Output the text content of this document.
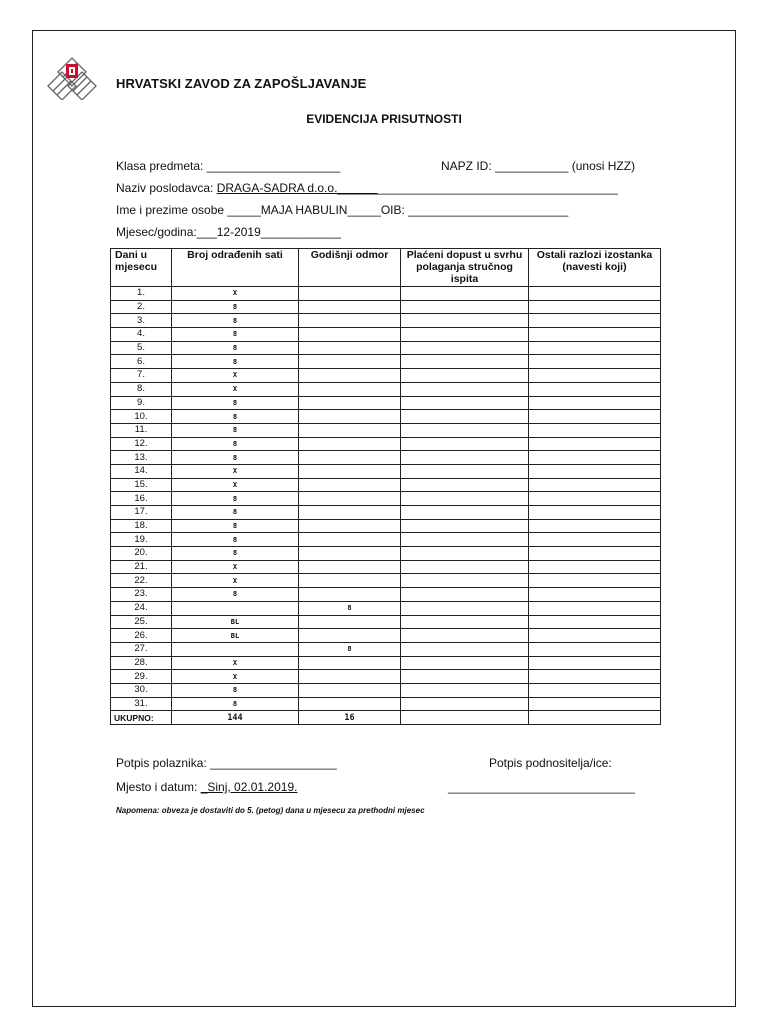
HRVATSKI ZAVOD ZA ZAPOŠLJAVANJE
EVIDENCIJA PRISUTNOSTI
Klasa predmeta: ____________________	NAPZ ID: ___________ (unosi HZZ)
Naziv poslodavca: DRAGA-SADRA d.o.o.__________________________________________
Ime i prezime osobe _____MAJA HABULIN_____OIB: ________________________
Mjesec/godina:___12-2019____________
Dani u mjesecu	Broj odrađenih sati	Godišnji odmor	Plaćeni dopust u svrhu polaganja stručnog ispita	Ostali razlozi izostanka (navesti koji)
1.	X			
2.	8			
3.	8			
4.	8			
5.	8			
6.	8			
7.	X			
8.	X			
9.	8			
10.	8			
11.	8			
12.	8			
13.	8			
14.	X			
15.	X			
16.	8			
17.	8			
18.	8			
19.	8			
20.	8			
21.	X			
22.	X			
23.	8			
24.		8		
25.	BL			
26.	BL			
27.		8		
28.	X			
29.	X			
30.	8			
31.	8			
UKUPNO:	144	16		
Potpis polaznika: ___________________	Potpis podnositelja/ice:
Mjesto i datum: _Sinj, 02.01.2019.	____________________________
Napomena: obveza je dostaviti do 5. (petog) dana u mjesecu za prethodni mjesec
